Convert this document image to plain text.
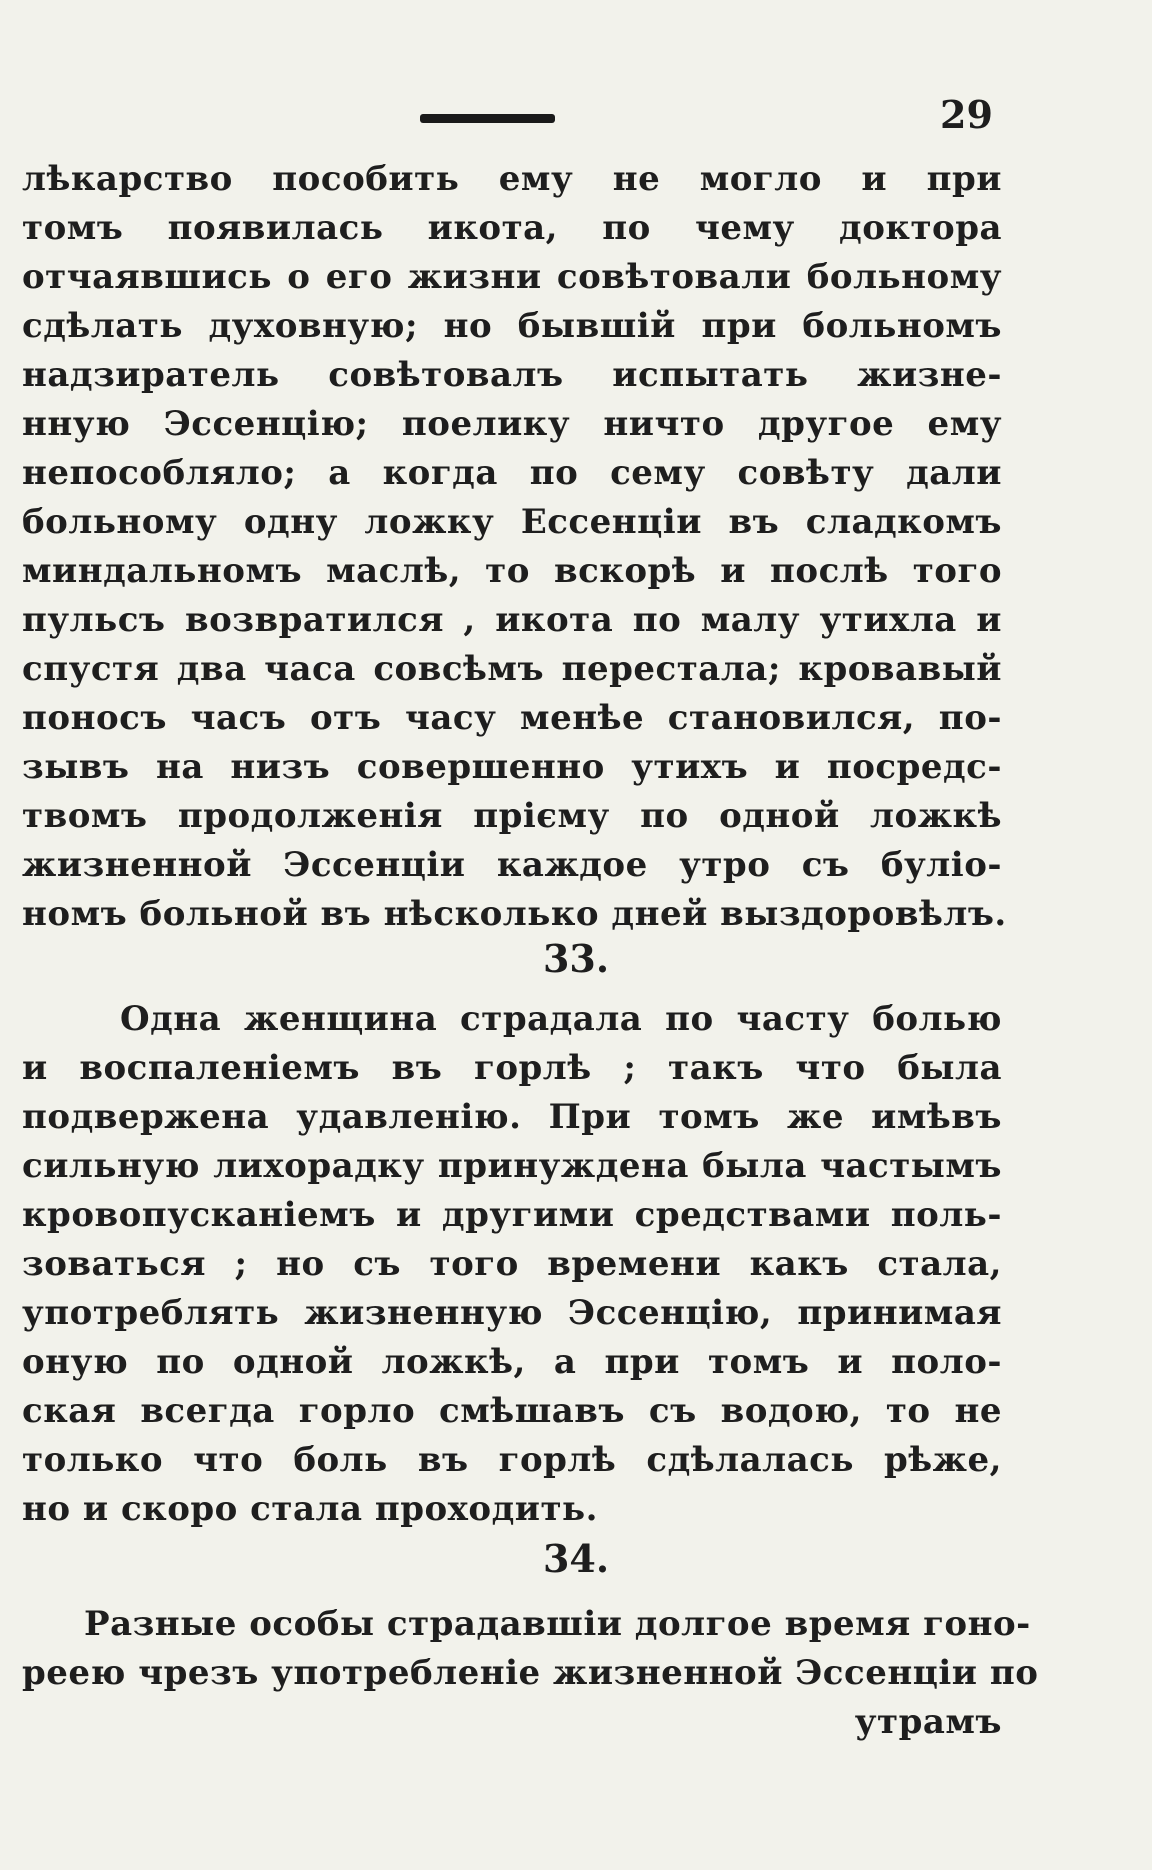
29
лѣкарство пособить ему не могло и при
томъ появилась икота, по чему доктора
отчаявшись о его жизни совѣтовали больному
сдѣлать духовную; но бывшій при больномъ
надзиратель совѣтовалъ испытать жизне-
нную Эссенцію; поелику ничто другое ему
непособляло; а когда по сему совѣту дали
больному одну ложку Ессенціи въ сладкомъ
миндальномъ маслѣ, то вскорѣ и послѣ того
пульсъ возвратился , икота по малу утихла и
спустя два часа совсѣмъ перестала; кровавый
поносъ часъ отъ часу менѣе становился, по-
зывъ на низъ совершенно утихъ и посредс-
твомъ продолженія прієму по одной ложкѣ
жизненной Эссенціи каждое утро съ буліо-
номъ больной въ нѣсколько дней выздоровѣлъ.
33.
Одна женщина страдала по часту болью
и воспаленіемъ въ горлѣ ; такъ что была
подвержена удавленію. При томъ же имѣвъ
сильную лихорадку принуждена была частымъ
кровопусканіемъ и другими средствами поль-
зоваться ; но съ того времени какъ стала,
употреблять жизненную Эссенцію, принимая
оную по одной ложкѣ, а при томъ и поло-
ская всегда горло смѣшавъ съ водою, то не
только что боль въ горлѣ сдѣлалась рѣже,
но и скоро стала проходить.
34.
Разные особы страдавшіи долгое время гоно-
реею чрезъ употребленіе жизненной Эссенціи по
утрамъ
